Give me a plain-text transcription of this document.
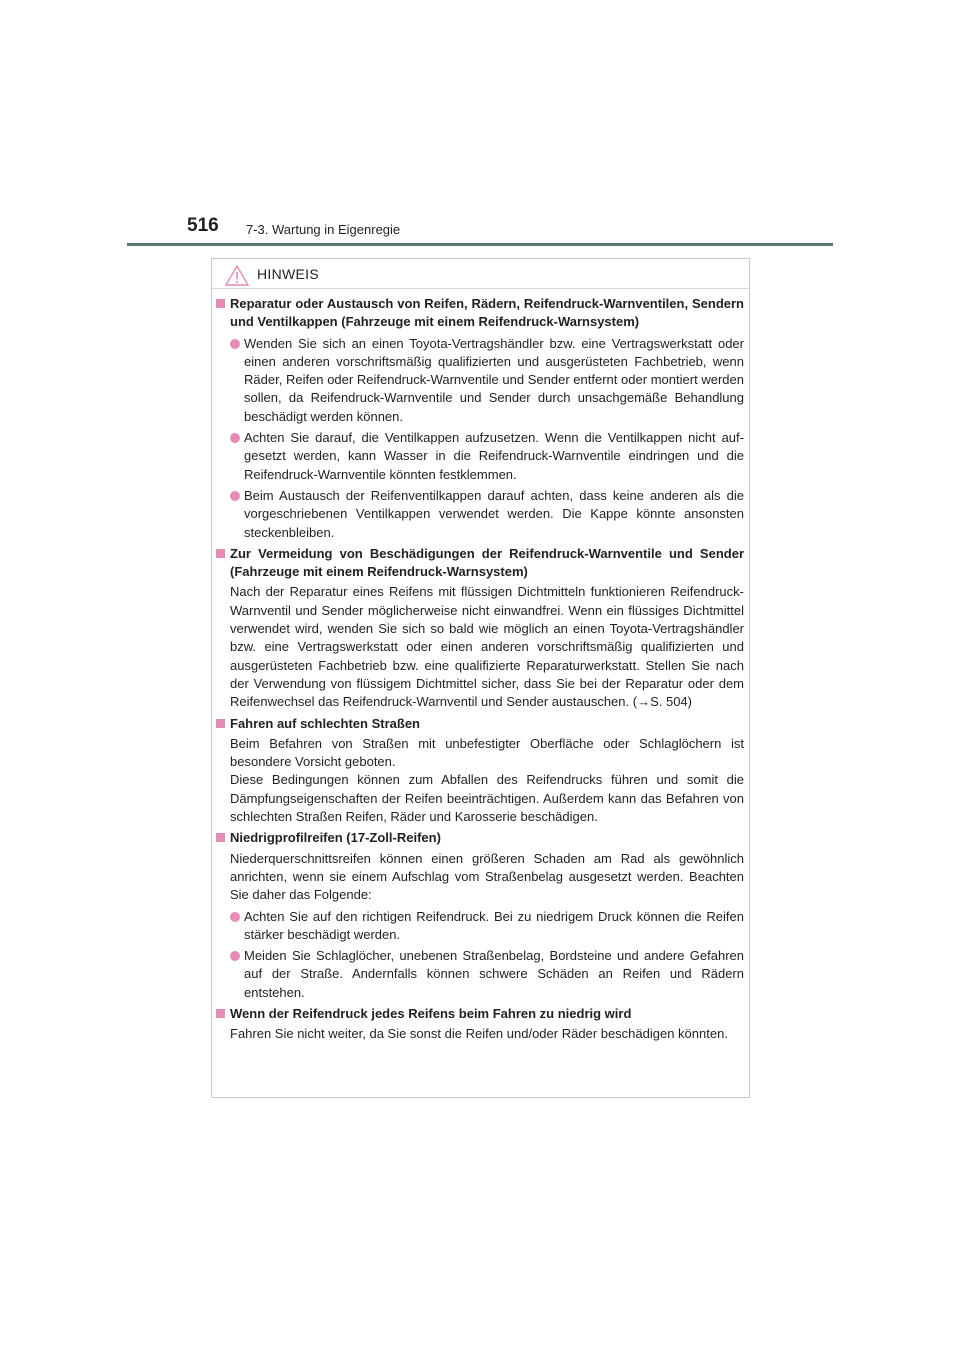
516 7-3. Wartung in Eigenregie
HINWEIS
Reparatur oder Austausch von Reifen, Rädern, Reifendruck-Warnventilen, Sendern und Ventilkappen (Fahrzeuge mit einem Reifendruck-Warnsystem)
Wenden Sie sich an einen Toyota-Vertragshändler bzw. eine Vertragswerkstatt oder einen anderen vorschriftsmäßig qualifizierten und ausgerüsteten Fachbetrieb, wenn Räder, Reifen oder Reifendruck-Warnventile und Sender entfernt oder montiert werden sollen, da Reifendruck-Warnventile und Sender durch unsachgemäße Behandlung beschädigt werden können.
Achten Sie darauf, die Ventilkappen aufzusetzen. Wenn die Ventilkappen nicht aufgesetzt werden, kann Wasser in die Reifendruck-Warnventile eindringen und die Reifendruck-Warnventile könnten festklemmen.
Beim Austausch der Reifenventilkappen darauf achten, dass keine anderen als die vorgeschriebenen Ventilkappen verwendet werden. Die Kappe könnte ansonsten steckenbleiben.
Zur Vermeidung von Beschädigungen der Reifendruck-Warnventile und Sender (Fahrzeuge mit einem Reifendruck-Warnsystem)

Nach der Reparatur eines Reifens mit flüssigen Dichtmitteln funktionieren Reifendruck-Warnventil und Sender möglicherweise nicht einwandfrei. Wenn ein flüssiges Dichtmittel verwendet wird, wenden Sie sich so bald wie möglich an einen Toyota-Vertragshändler bzw. eine Vertragswerkstatt oder einen anderen vorschriftsmäßig qualifizierten und ausgerüsteten Fachbetrieb bzw. eine qualifizierte Reparaturwerkstatt. Stellen Sie nach der Verwendung von flüssigem Dichtmittel sicher, dass Sie bei der Reparatur oder dem Reifenwechsel das Reifendruck-Warnventil und Sender austauschen. (→S. 504)

Fahren auf schlechten Straßen

Beim Befahren von Straßen mit unbefestigter Oberfläche oder Schlaglöchern ist besondere Vorsicht geboten.

Diese Bedingungen können zum Abfallen des Reifendrucks führen und somit die Dämpfungseigenschaften der Reifen beeinträchtigen. Außerdem kann das Befahren von schlechten Straßen Reifen, Räder und Karosserie beschädigen.

Niedrigprofilreifen (17-Zoll-Reifen)

Niederquerschnittsreifen können einen größeren Schaden am Rad als gewöhnlich anrichten, wenn sie einem Aufschlag vom Straßenbelag ausgesetzt werden. Beachten Sie daher das Folgende:

Achten Sie auf den richtigen Reifendruck. Bei zu niedrigem Druck können die Reifen stärker beschädigt werden.
Meiden Sie Schlaglöcher, unebenen Straßenbelag, Bordsteine und andere Gefahren auf der Straße. Andernfalls können schwere Schäden an Reifen und Rädern entstehen.
Wenn der Reifendruck jedes Reifens beim Fahren zu niedrig wird

Fahren Sie nicht weiter, da Sie sonst die Reifen und/oder Räder beschädigen könnten.
